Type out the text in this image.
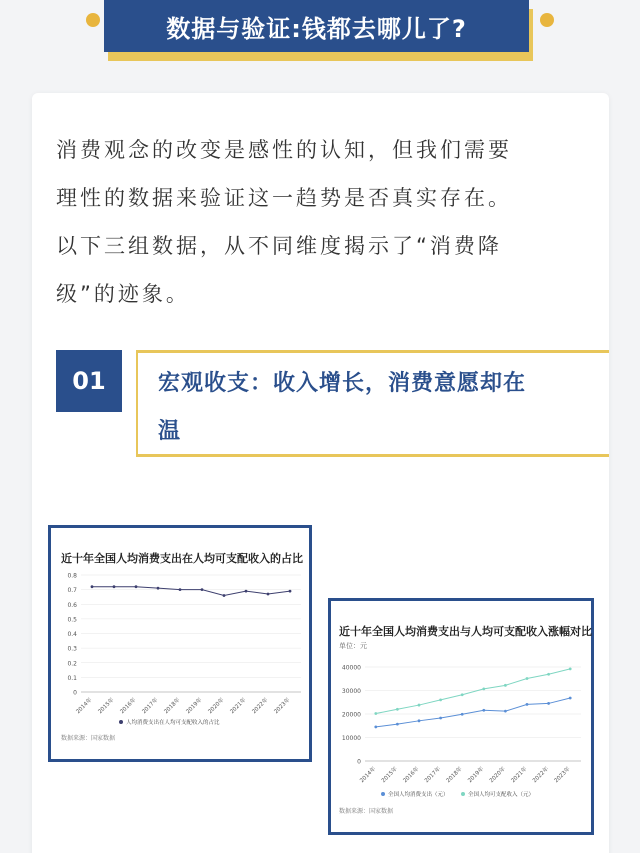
数据与验证:钱都去哪儿了?
消费观念的改变是感性的认知，但我们需要
理性的数据来验证这一趋势是否真实存在。
以下三组数据，从不同维度揭示了“消费降
级”的迹象。
01	宏观收支：收入增长，消费意愿却在
温
近十年全国人均消费支出在人均可支配收入的占比
0.8
0.7
0.6
0.5
0.4
0.3
0.2
0.1
0
2014年 2015年 2016年 2017年 2018年 2019年 2020年 2021年 2022年 2023年
人均消费支出在人均可支配收入的占比
数据来源：国家数据
近十年全国人均消费支出与人均可支配收入涨幅对比
单位：元
40000
30000
20000
10000
0
2014年 2015年 2016年 2017年 2018年 2019年 2020年 2021年 2022年 2023年
全国人均消费支出（元）	全国人均可支配收入（元）
数据来源：国家数据
